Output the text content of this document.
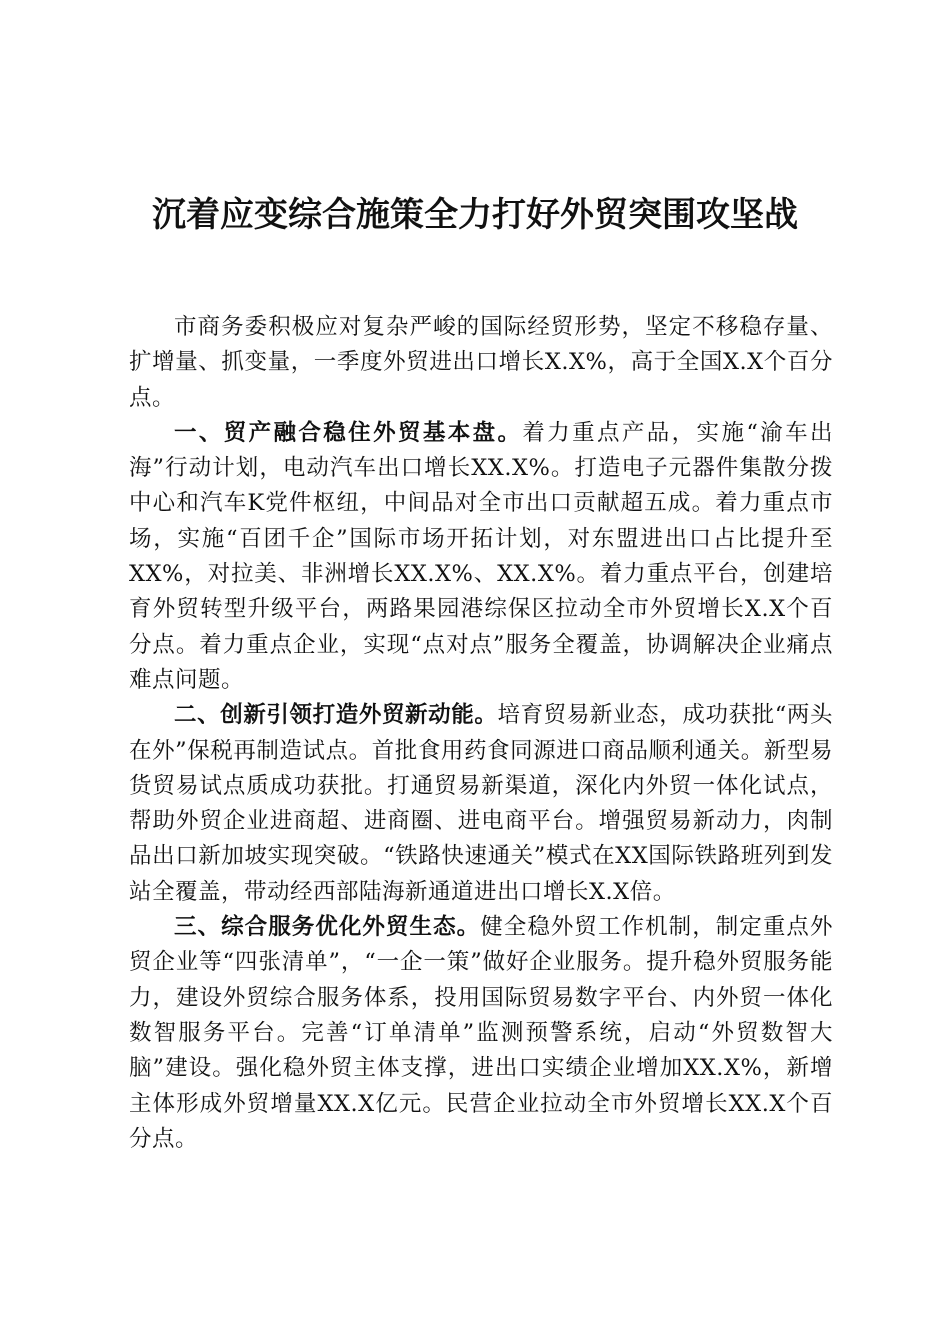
沉着应变综合施策全力打好外贸突围攻坚战

市商务委积极应对复杂严峻的国际经贸形势，坚定不移稳存量、扩增量、抓变量，一季度外贸进出口增长X.X%，高于全国X.X个百分点。

一、贸产融合稳住外贸基本盘。着力重点产品，实施“渝车出海”行动计划，电动汽车出口增长XX.X%。打造电子元器件集散分拨中心和汽车K党件枢纽，中间品对全市出口贡献超五成。着力重点市场，实施“百团千企”国际市场开拓计划，对东盟进出口占比提升至XX%，对拉美、非洲增长XX.X%、XX.X%。着力重点平台，创建培育外贸转型升级平台，两路果园港综保区拉动全市外贸增长X.X个百分点。着力重点企业，实现“点对点”服务全覆盖，协调解决企业痛点难点问题。

二、创新引领打造外贸新动能。培育贸易新业态，成功获批“两头在外”保税再制造试点。首批食用药食同源进口商品顺利通关。新型易货贸易试点质成功获批。打通贸易新渠道，深化内外贸一体化试点，帮助外贸企业进商超、进商圈、进电商平台。增强贸易新动力，肉制品出口新加坡实现突破。“铁路快速通关”模式在XX国际铁路班列到发站全覆盖，带动经西部陆海新通道进出口增长X.X倍。

三、综合服务优化外贸生态。健全稳外贸工作机制，制定重点外贸企业等“四张清单”，“一企一策”做好企业服务。提升稳外贸服务能力，建设外贸综合服务体系，投用国际贸易数字平台、内外贸一体化数智服务平台。完善“订单清单”监测预警系统，启动“外贸数智大脑”建设。强化稳外贸主体支撑，进出口实绩企业增加XX.X%，新增主体形成外贸增量XX.X亿元。民营企业拉动全市外贸增长XX.X个百分点。
